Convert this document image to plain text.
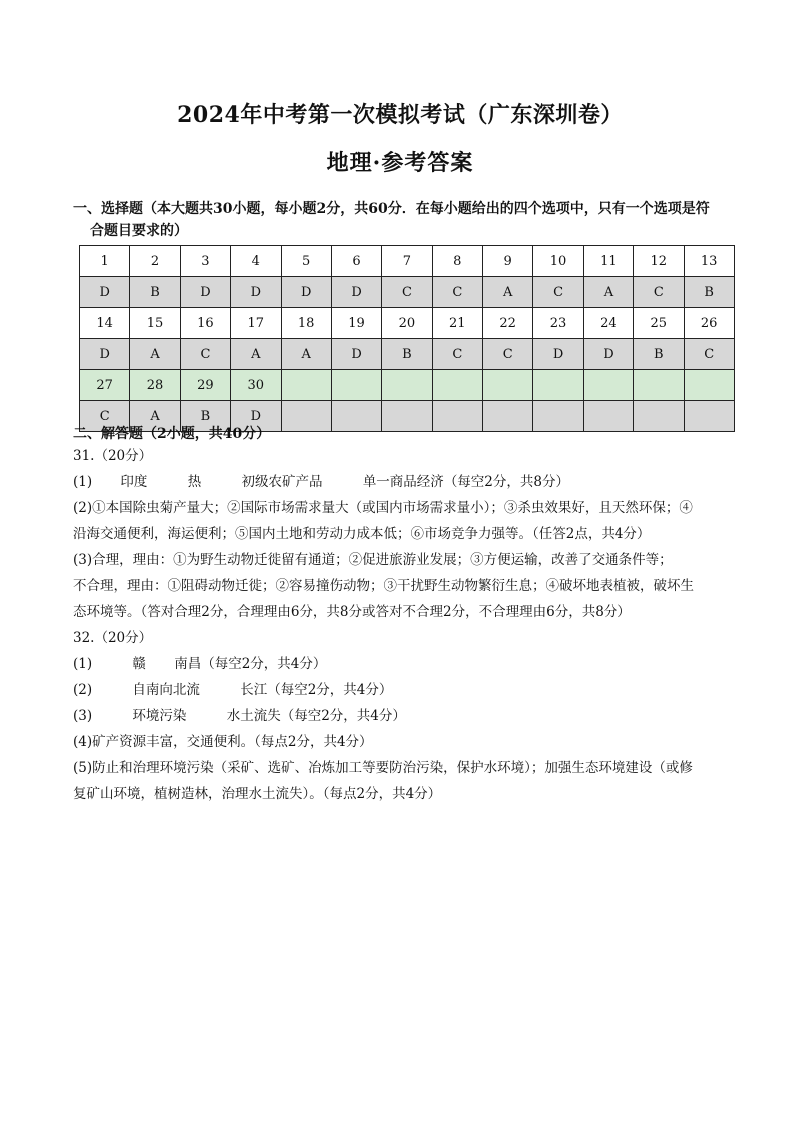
2024年中考第一次模拟考试（广东深圳卷）
地理·参考答案
一、选择题（本大题共30小题，每小题2分，共60分．在每小题给出的四个选项中，只有一个选项是符
合题目要求的）
1	2	3	4	5	6	7	8	9	10	11	12	13
D	B	D	D	D	D	C	C	A	C	A	C	B
14	15	16	17	18	19	20	21	22	23	24	25	26
D	A	C	A	A	D	B	C	C	D	D	B	C
27	28	29	30									
C	A	B	D									
二、解答题（2小题，共40分）
31.（20分）
(1) 印度	热	初级农矿产品	单一商品经济（每空2分，共8分）
(2)①本国除虫菊产量大；②国际市场需求量大（或国内市场需求量小）；③杀虫效果好，且天然环保；④
沿海交通便利，海运便利；⑤国内土地和劳动力成本低；⑥市场竞争力强等。（任答2点，共4分）
(3)合理，理由：①为野生动物迁徙留有通道；②促进旅游业发展；③方便运输，改善了交通条件等；
不合理，理由：①阻碍动物迁徙；②容易撞伤动物；③干扰野生动物繁衍生息；④破坏地表植被，破坏生
态环境等。（答对合理2分，合理理由6分，共8分或答对不合理2分，不合理理由6分，共8分）
32.（20分）
(1)	赣 南昌（每空2分，共4分）
(2)	自南向北流	长江（每空2分，共4分）
(3)	环境污染	水土流失（每空2分，共4分）
(4)矿产资源丰富，交通便利。（每点2分，共4分）
(5)防止和治理环境污染（采矿、选矿、冶炼加工等要防治污染，保护水环境）；加强生态环境建设（或修
复矿山环境，植树造林，治理水土流失）。（每点2分，共4分）
